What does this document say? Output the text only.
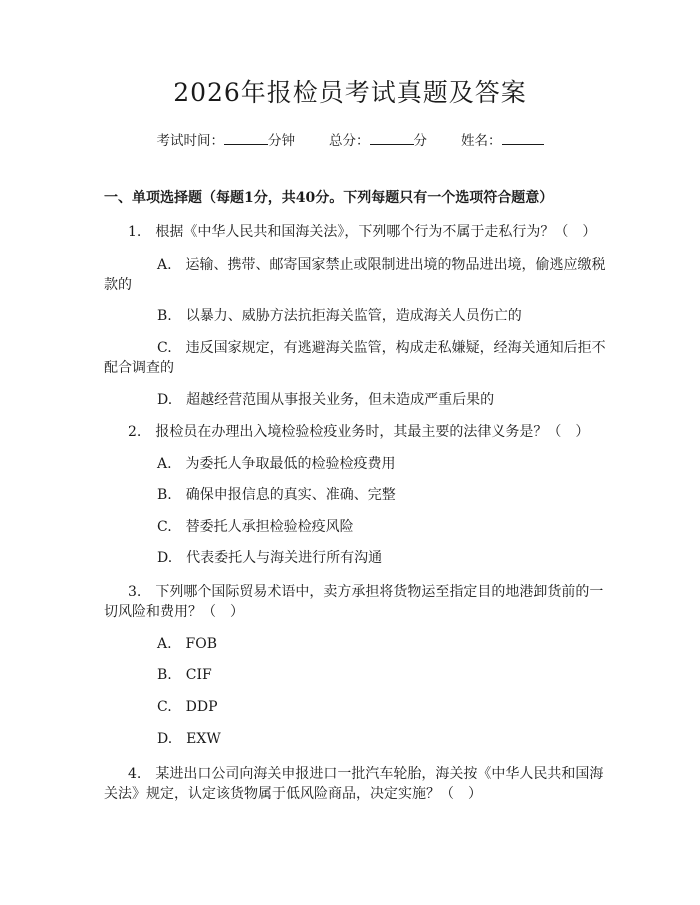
2026年报检员考试真题及答案
考试时间：	分钟	总分：	分	姓名：
一、单项选择题（每题1分，共40分。下列每题只有一个选项符合题意）
1.　根据《中华人民共和国海关法》，下列哪个行为不属于走私行为？（　）
A.　运输、携带、邮寄国家禁止或限制进出境的物品进出境，偷逃应缴税
款的
B.　以暴力、威胁方法抗拒海关监管，造成海关人员伤亡的
C.　违反国家规定，有逃避海关监管，构成走私嫌疑，经海关通知后拒不
配合调查的
D.　超越经营范围从事报关业务，但未造成严重后果的
2.　报检员在办理出入境检验检疫业务时，其最主要的法律义务是？（　）
A.　为委托人争取最低的检验检疫费用
B.　确保申报信息的真实、准确、完整
C.　替委托人承担检验检疫风险
D.　代表委托人与海关进行所有沟通
3.　下列哪个国际贸易术语中，卖方承担将货物运至指定目的地港卸货前的一
切风险和费用？（　）
A.　FOB
B.　CIF
C.　DDP
D.　EXW
4.　某进出口公司向海关申报进口一批汽车轮胎，海关按《中华人民共和国海
关法》规定，认定该货物属于低风险商品，决定实施？（　）
